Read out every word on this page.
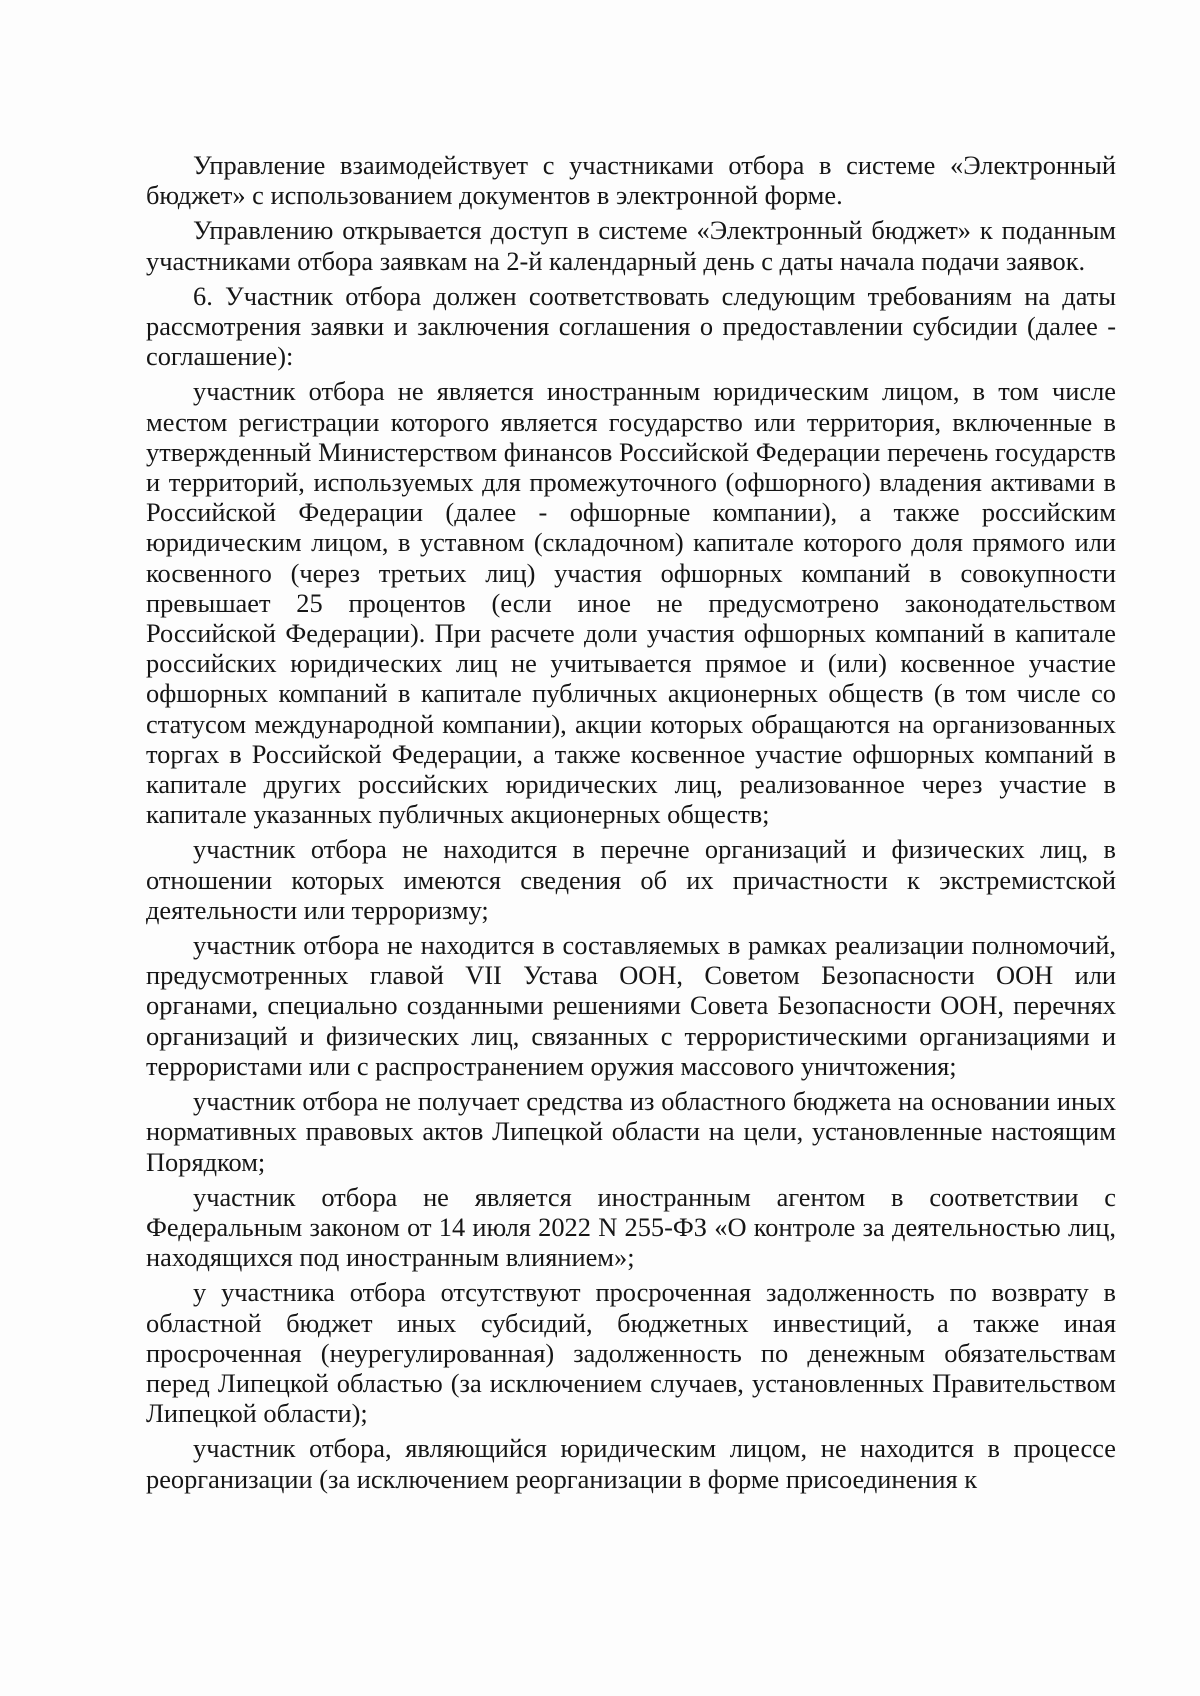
Управление взаимодействует с участниками отбора в системе «Электронный бюджет» с использованием документов в электронной форме.

Управлению открывается доступ в системе «Электронный бюджет» к поданным участниками отбора заявкам на 2-й календарный день с даты начала подачи заявок.

6. Участник отбора должен соответствовать следующим требованиям на даты рассмотрения заявки и заключения соглашения о предоставлении субсидии (далее - соглашение):

участник отбора не является иностранным юридическим лицом, в том числе местом регистрации которого является государство или территория, включенные в утвержденный Министерством финансов Российской Федерации перечень государств и территорий, используемых для промежуточного (офшорного) владения активами в Российской Федерации (далее - офшорные компании), а также российским юридическим лицом, в уставном (складочном) капитале которого доля прямого или косвенного (через третьих лиц) участия офшорных компаний в совокупности превышает 25 процентов (если иное не предусмотрено законодательством Российской Федерации). При расчете доли участия офшорных компаний в капитале российских юридических лиц не учитывается прямое и (или) косвенное участие офшорных компаний в капитале публичных акционерных обществ (в том числе со статусом международной компании), акции которых обращаются на организованных торгах в Российской Федерации, а также косвенное участие офшорных компаний в капитале других российских юридических лиц, реализованное через участие в капитале указанных публичных акционерных обществ;

участник отбора не находится в перечне организаций и физических лиц, в отношении которых имеются сведения об их причастности к экстремистской деятельности или терроризму;

участник отбора не находится в составляемых в рамках реализации полномочий, предусмотренных главой VII Устава ООН, Советом Безопасности ООН или органами, специально созданными решениями Совета Безопасности ООН, перечнях организаций и физических лиц, связанных с террористическими организациями и террористами или с распространением оружия массового уничтожения;

участник отбора не получает средства из областного бюджета на основании иных нормативных правовых актов Липецкой области на цели, установленные настоящим Порядком;

участник отбора не является иностранным агентом в соответствии с Федеральным законом от 14 июля 2022 N 255-ФЗ «О контроле за деятельностью лиц, находящихся под иностранным влиянием»;

у участника отбора отсутствуют просроченная задолженность по возврату в областной бюджет иных субсидий, бюджетных инвестиций, а также иная просроченная (неурегулированная) задолженность по денежным обязательствам перед Липецкой областью (за исключением случаев, установленных Правительством Липецкой области);

участник отбора, являющийся юридическим лицом, не находится в процессе реорганизации (за исключением реорганизации в форме присоединения к
